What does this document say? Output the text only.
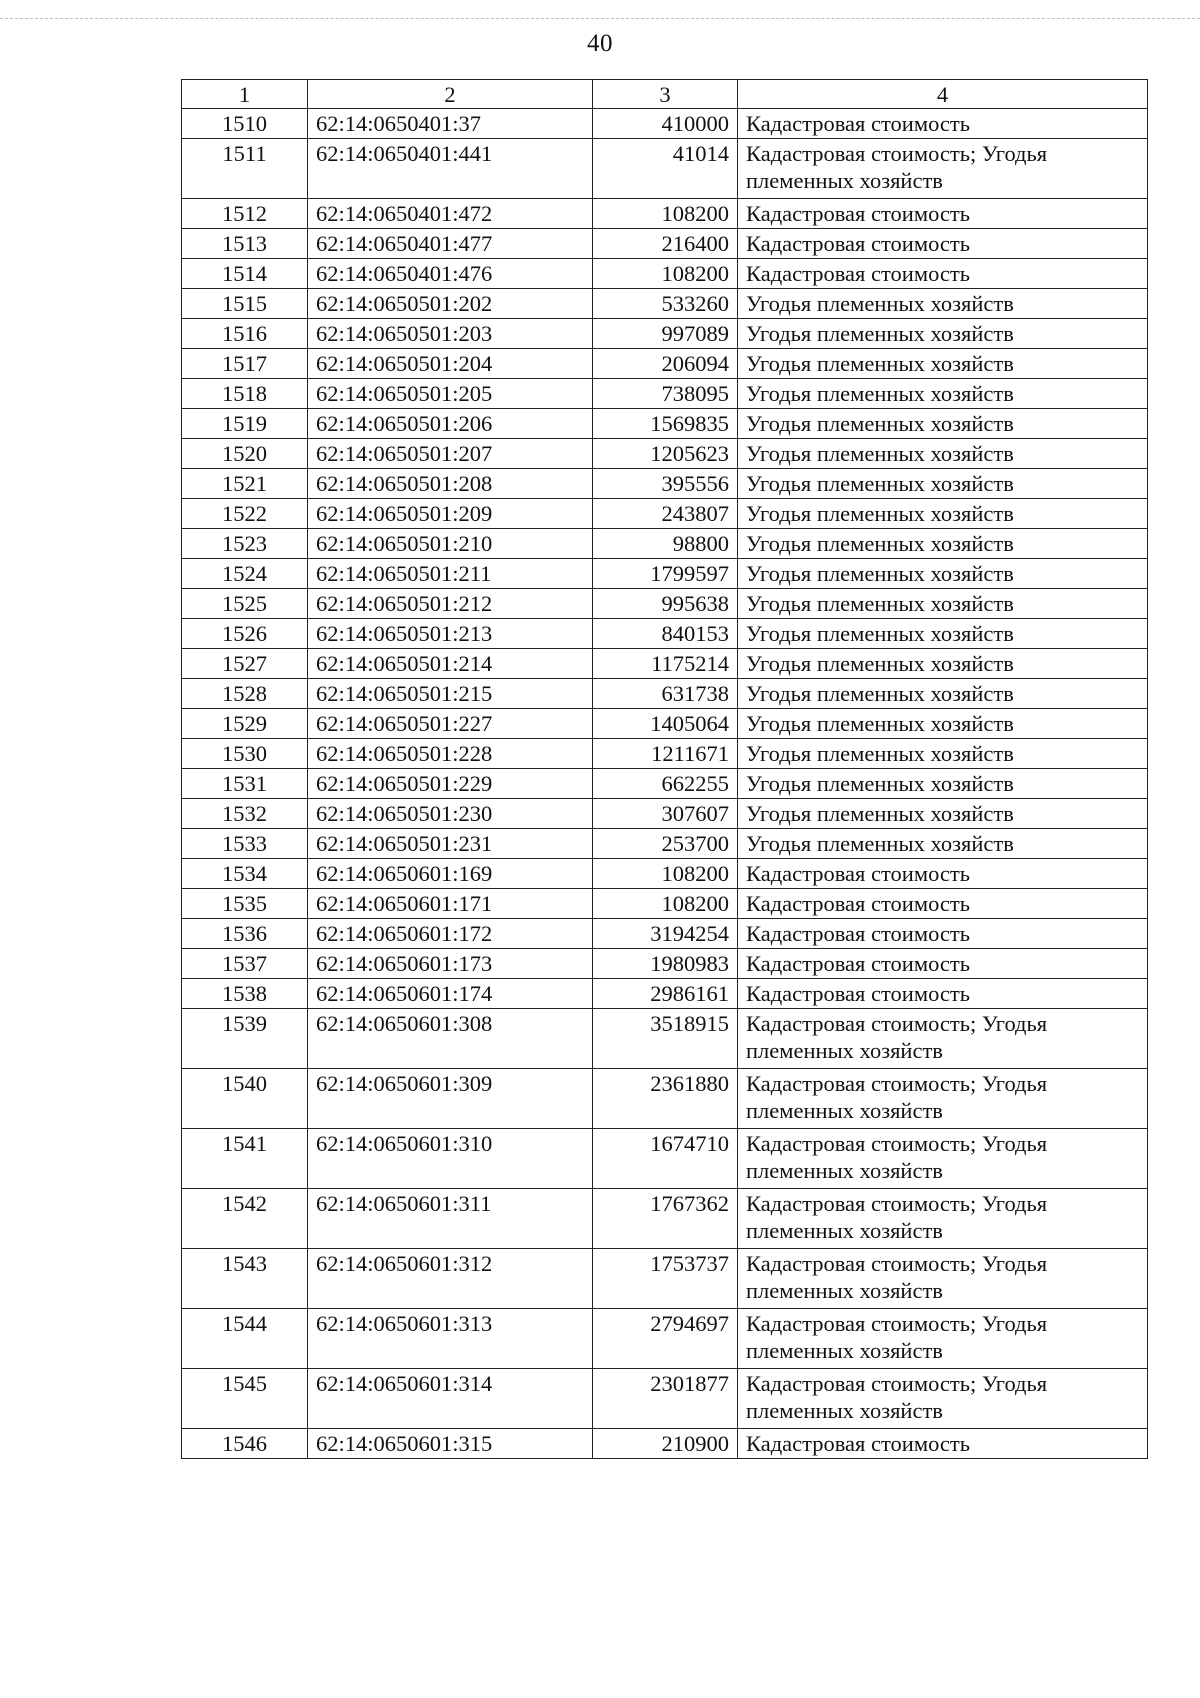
40
1	2	3	4
1510	62:14:0650401:37	410000	Кадастровая стоимость
1511	62:14:0650401:441	41014	Кадастровая стоимость; Угодья племенных хозяйств
1512	62:14:0650401:472	108200	Кадастровая стоимость
1513	62:14:0650401:477	216400	Кадастровая стоимость
1514	62:14:0650401:476	108200	Кадастровая стоимость
1515	62:14:0650501:202	533260	Угодья племенных хозяйств
1516	62:14:0650501:203	997089	Угодья племенных хозяйств
1517	62:14:0650501:204	206094	Угодья племенных хозяйств
1518	62:14:0650501:205	738095	Угодья племенных хозяйств
1519	62:14:0650501:206	1569835	Угодья племенных хозяйств
1520	62:14:0650501:207	1205623	Угодья племенных хозяйств
1521	62:14:0650501:208	395556	Угодья племенных хозяйств
1522	62:14:0650501:209	243807	Угодья племенных хозяйств
1523	62:14:0650501:210	98800	Угодья племенных хозяйств
1524	62:14:0650501:211	1799597	Угодья племенных хозяйств
1525	62:14:0650501:212	995638	Угодья племенных хозяйств
1526	62:14:0650501:213	840153	Угодья племенных хозяйств
1527	62:14:0650501:214	1175214	Угодья племенных хозяйств
1528	62:14:0650501:215	631738	Угодья племенных хозяйств
1529	62:14:0650501:227	1405064	Угодья племенных хозяйств
1530	62:14:0650501:228	1211671	Угодья племенных хозяйств
1531	62:14:0650501:229	662255	Угодья племенных хозяйств
1532	62:14:0650501:230	307607	Угодья племенных хозяйств
1533	62:14:0650501:231	253700	Угодья племенных хозяйств
1534	62:14:0650601:169	108200	Кадастровая стоимость
1535	62:14:0650601:171	108200	Кадастровая стоимость
1536	62:14:0650601:172	3194254	Кадастровая стоимость
1537	62:14:0650601:173	1980983	Кадастровая стоимость
1538	62:14:0650601:174	2986161	Кадастровая стоимость
1539	62:14:0650601:308	3518915	Кадастровая стоимость; Угодья племенных хозяйств
1540	62:14:0650601:309	2361880	Кадастровая стоимость; Угодья племенных хозяйств
1541	62:14:0650601:310	1674710	Кадастровая стоимость; Угодья племенных хозяйств
1542	62:14:0650601:311	1767362	Кадастровая стоимость; Угодья племенных хозяйств
1543	62:14:0650601:312	1753737	Кадастровая стоимость; Угодья племенных хозяйств
1544	62:14:0650601:313	2794697	Кадастровая стоимость; Угодья племенных хозяйств
1545	62:14:0650601:314	2301877	Кадастровая стоимость; Угодья племенных хозяйств
1546	62:14:0650601:315	210900	Кадастровая стоимость
